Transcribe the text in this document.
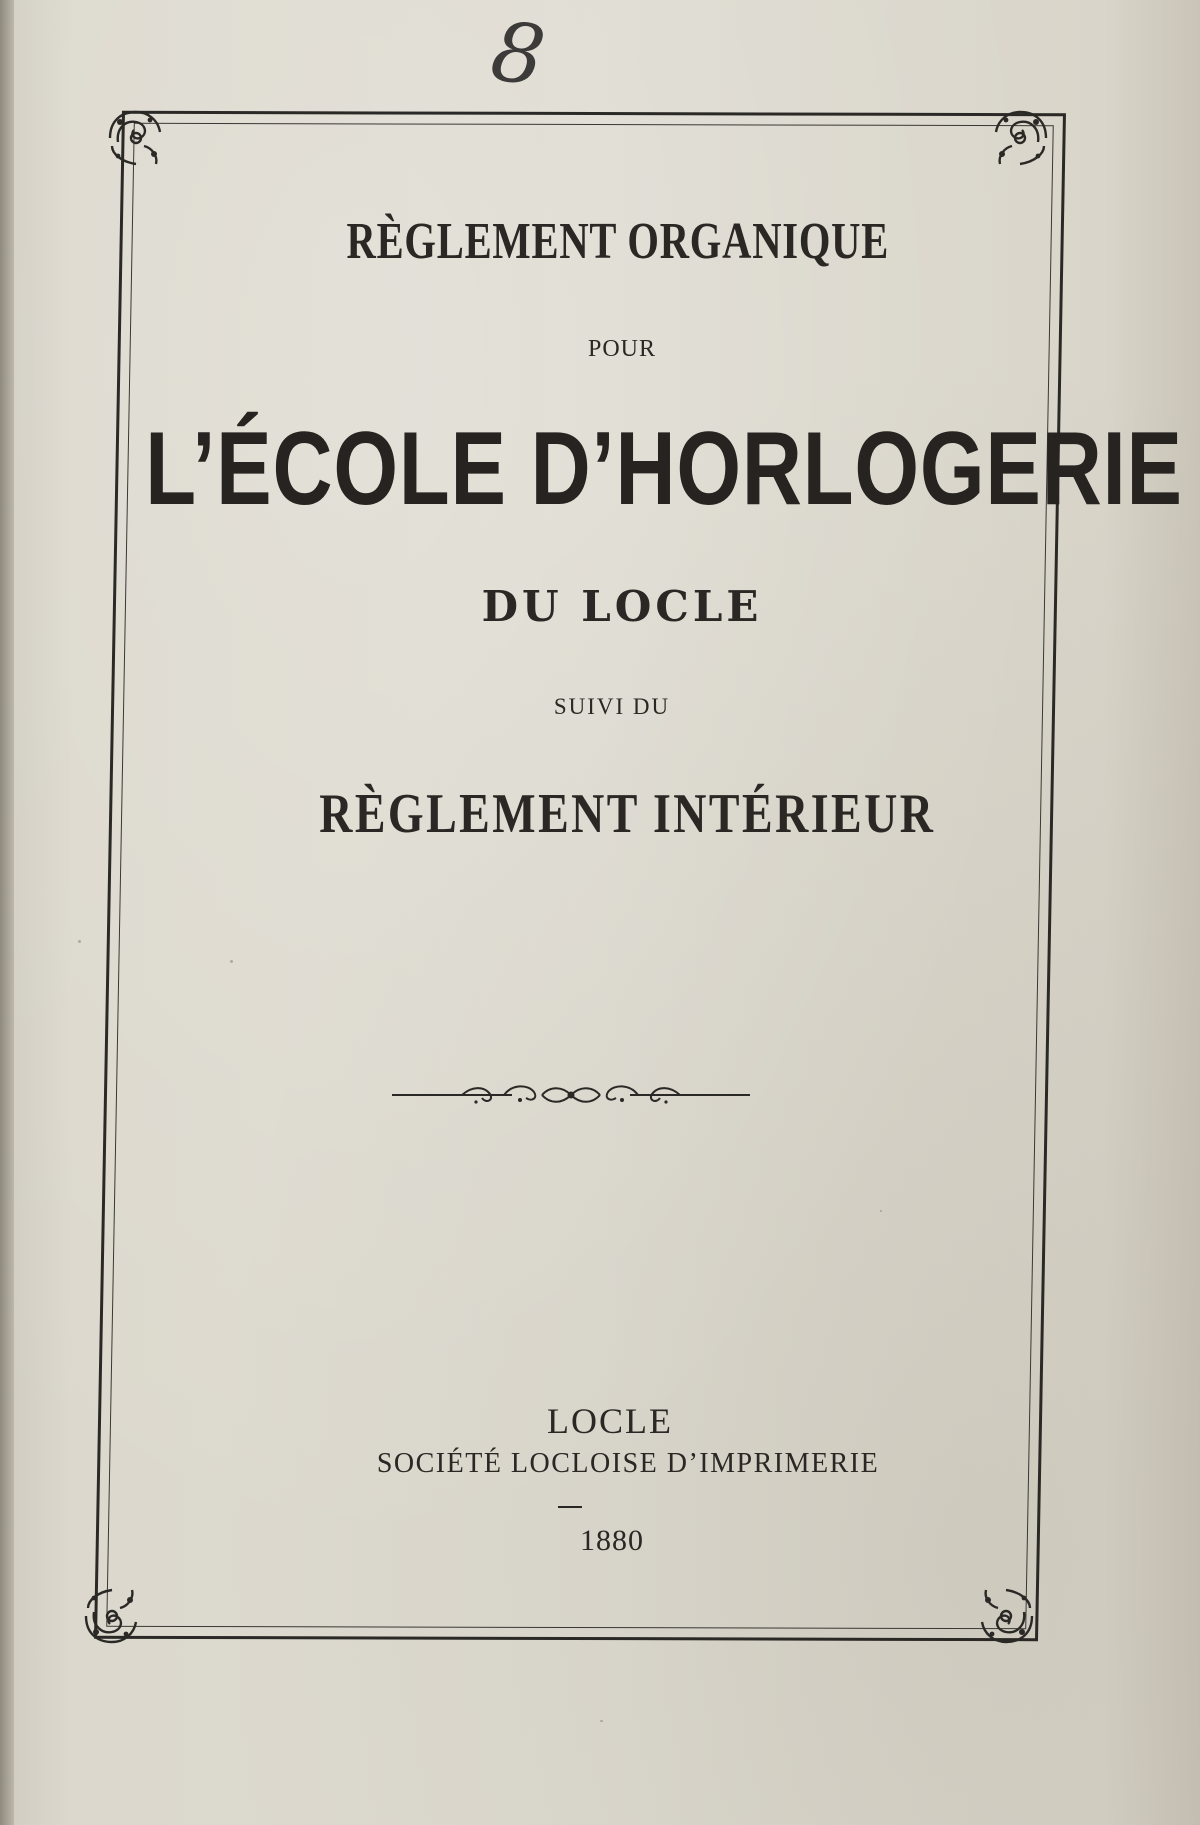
8
RÈGLEMENT ORGANIQUE
POUR
L’ÉCOLE D’HORLOGERIE
DU LOCLE
SUIVI DU
RÈGLEMENT INTÉRIEUR
LOCLE
SOCIÉTÉ LOCLOISE D’IMPRIMERIE
1880
